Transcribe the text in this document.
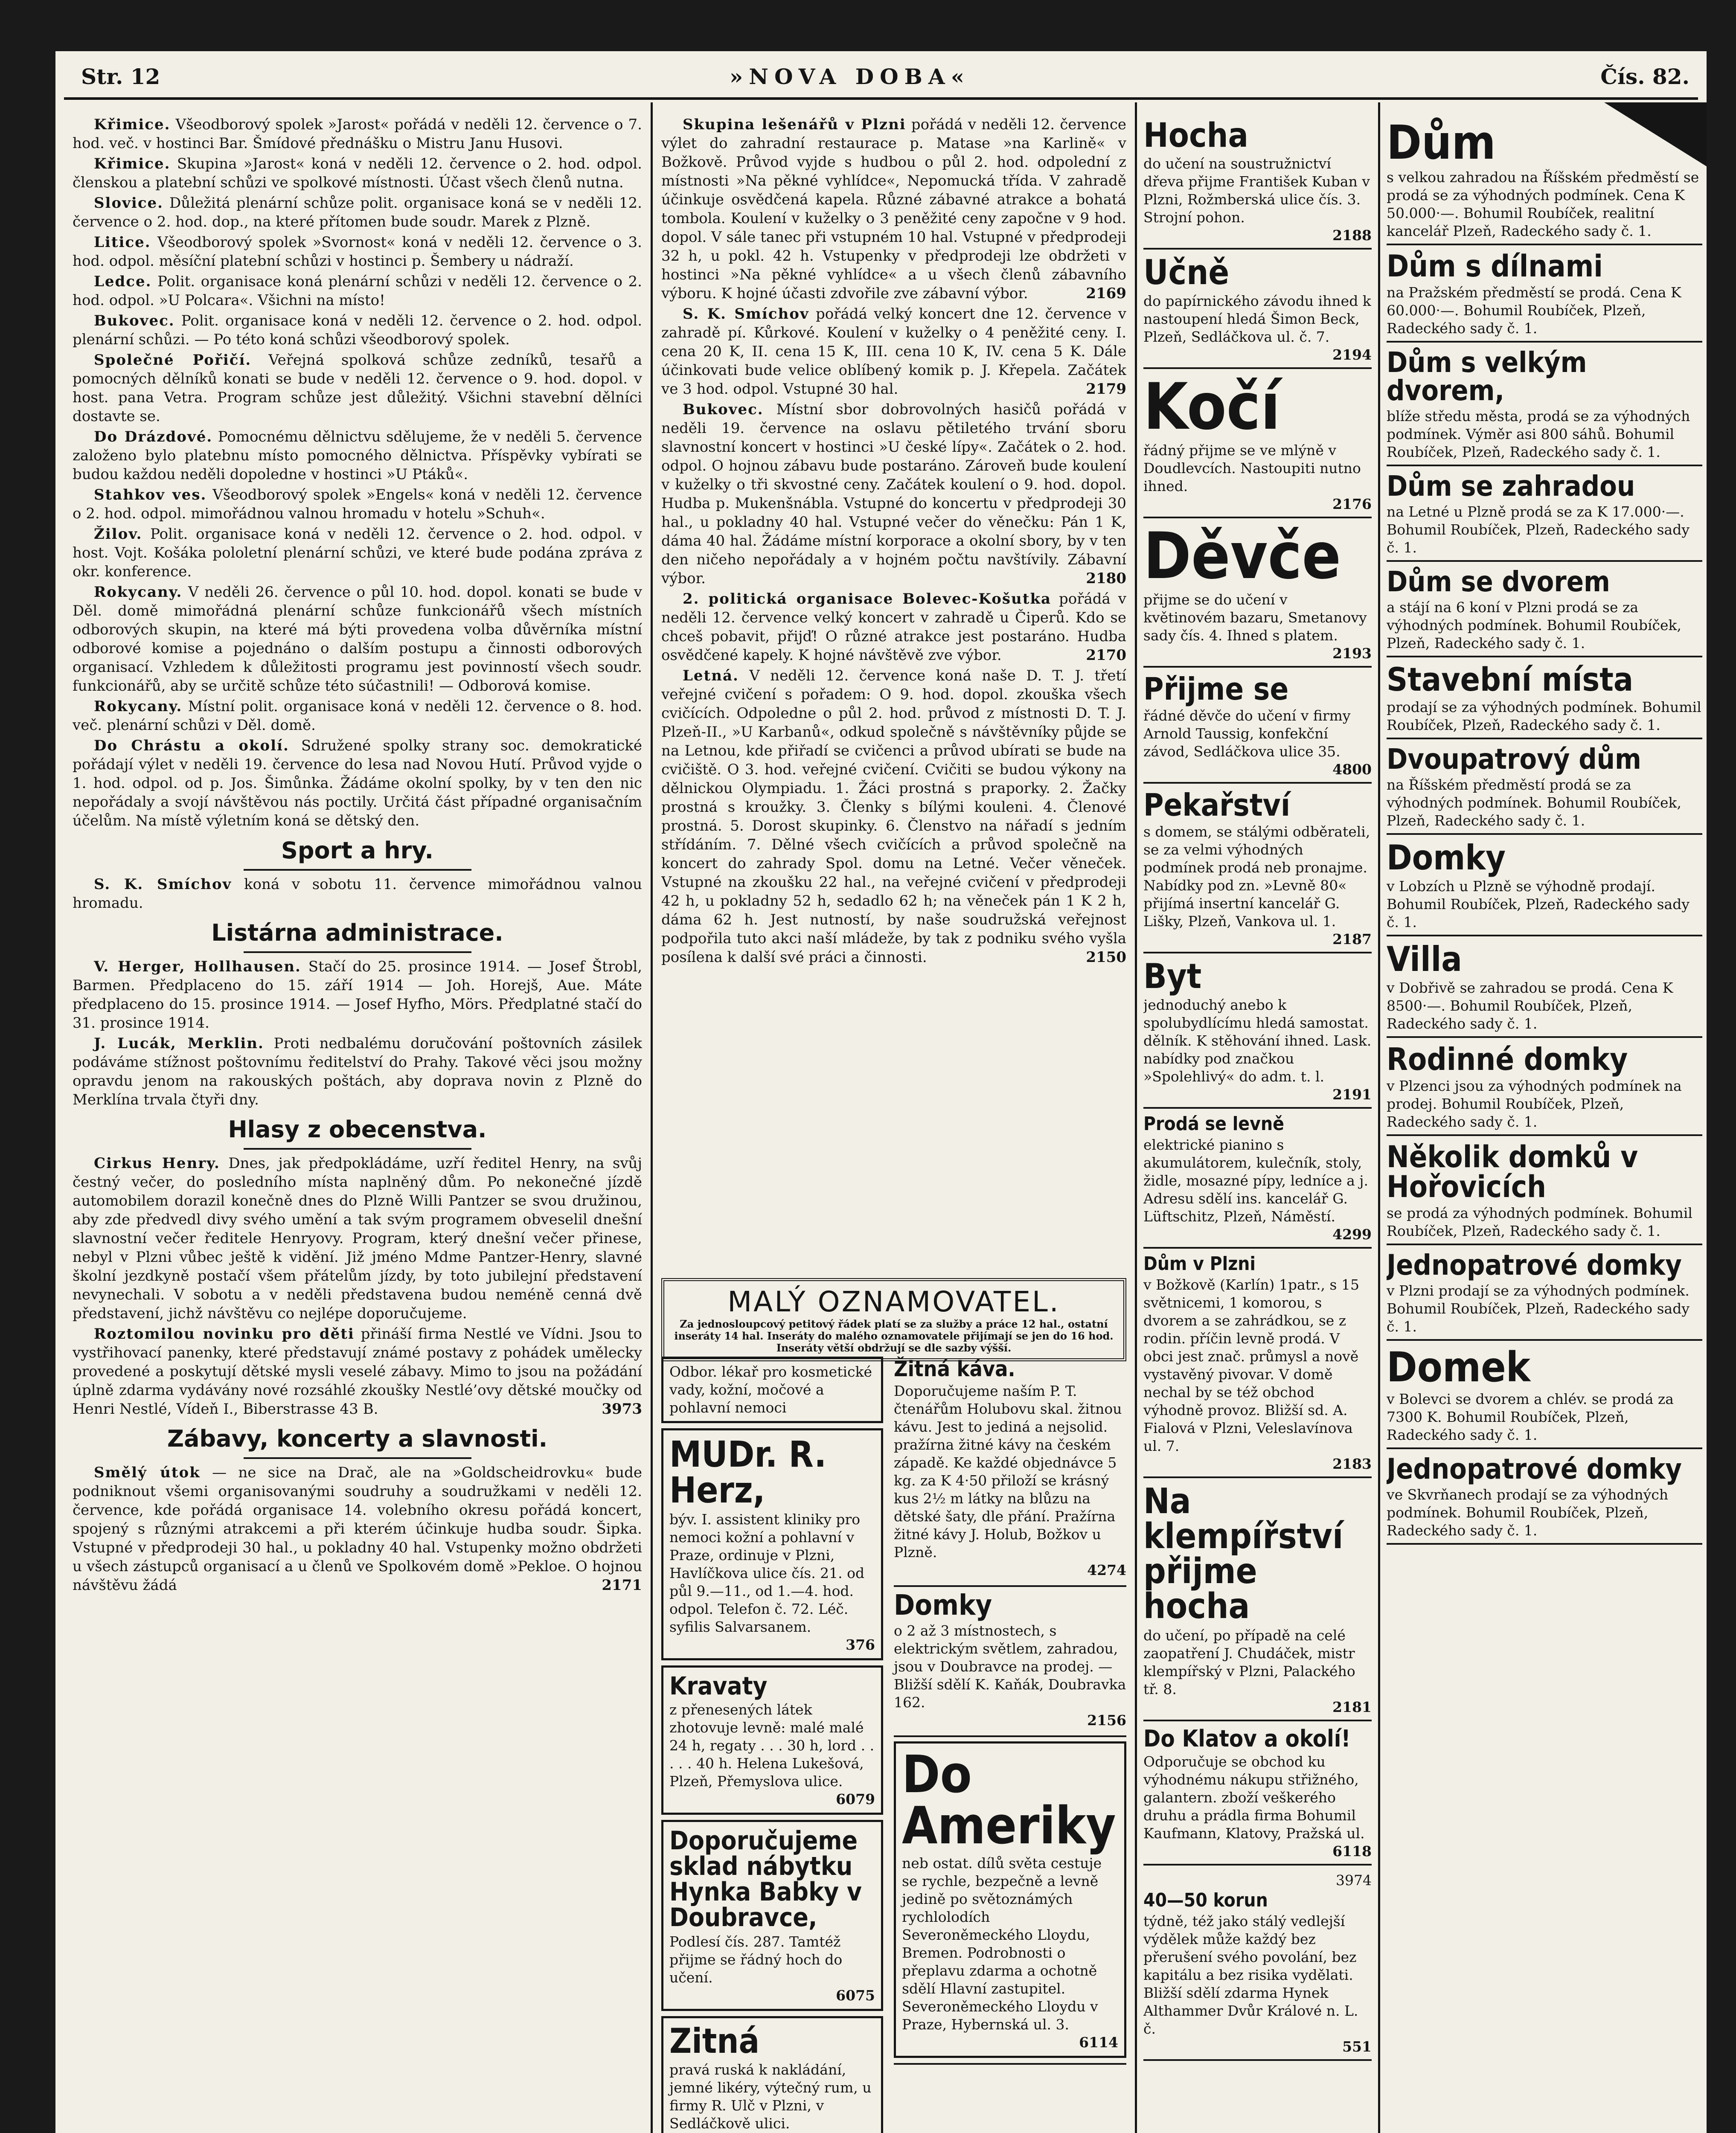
Str. 12	»NOVA DOBA«	Čís. 82.

Křimice. Všeodborový spolek »Jarost« pořádá v neděli 12. července o 7. hod. več. v hostinci Bar. Šmídové přednášku o Mistru Janu Husovi.

Křimice. Skupina »Jarost« koná v neděli 12. července o 2. hod. odpol. členskou a platební schůzi ve spolkové místnosti. Účast všech členů nutna.

Slovice. Důležitá plenární schůze polit. organisace koná se v neděli 12. července o 2. hod. dop., na které přítomen bude soudr. Marek z Plzně.

Litice. Všeodborový spolek »Svornost« koná v neděli 12. července o 3. hod. odpol. měsíční platební schůzi v hostinci p. Šembery u nádraží.

Ledce. Polit. organisace koná plenární schůzi v neděli 12. července o 2. hod. odpol. »U Polcara«. Všichni na místo!

Bukovec. Polit. organisace koná v neděli 12. července o 2. hod. odpol. plenární schůzi. — Po této koná schůzi všeodborový spolek.

Společné Pořičí. Veřejná spolková schůze zedníků, tesařů a pomocných dělníků konati se bude v neděli 12. července o 9. hod. dopol. v host. pana Vetra. Program schůze jest důležitý. Všichni stavební dělníci dostavte se.

Do Drázdové. Pomocnému dělnictvu sdělujeme, že v neděli 5. července založeno bylo platebnu místo pomocného dělnictva. Příspěvky vybírati se budou každou neděli dopoledne v hostinci »U Ptáků«.

Stahkov ves. Všeodborový spolek »Engels« koná v neděli 12. července o 2. hod. odpol. mimořádnou valnou hromadu v hotelu »Schuh«.

Žilov. Polit. organisace koná v neděli 12. července o 2. hod. odpol. v host. Vojt. Košáka pololetní plenární schůzi, ve které bude podána zpráva z okr. konference.

Rokycany. V neděli 26. července o půl 10. hod. dopol. konati se bude v Děl. domě mimořádná plenární schůze funkcionářů všech místních odborových skupin, na které má býti provedena volba důvěrníka místní odborové komise a pojednáno o dalším postupu a činnosti odborových organisací. Vzhledem k důležitosti programu jest povinností všech soudr. funkcionářů, aby se určitě schůze této súčastnili! — Odborová komise.

Rokycany. Místní polit. organisace koná v neděli 12. července o 8. hod. več. plenární schůzi v Děl. domě.

Do Chrástu a okolí. Sdružené spolky strany soc. demokratické pořádají výlet v neděli 19. července do lesa nad Novou Hutí. Průvod vyjde o 1. hod. odpol. od p. Jos. Šimůnka. Žádáme okolní spolky, by v ten den nic nepořádaly a svojí návštěvou nás poctily. Určitá část případné organisačním účelům. Na místě výletním koná se dětský den.

Sport a hry.

S. K. Smíchov koná v sobotu 11. července mimořádnou valnou hromadu.

Listárna administrace.

V. Herger, Hollhausen. Stačí do 25. prosince 1914. — Josef Štrobl, Barmen. Předplaceno do 15. září 1914 — Joh. Horejš, Aue. Máte předplaceno do 15. prosince 1914. — Josef Hyfho, Mörs. Předplatné stačí do 31. prosince 1914.

J. Lucák, Merklin. Proti nedbalému doručování poštovních zásilek podáváme stížnost poštovnímu ředitelství do Prahy. Takové věci jsou možny opravdu jenom na rakouských poštách, aby doprava novin z Plzně do Merklína trvala čtyři dny.

Hlasy z obecenstva.

Cirkus Henry. Dnes, jak předpokládáme, uzří ředitel Henry, na svůj čestný večer, do posledního místa naplněný dům. Po nekonečné jízdě automobilem dorazil konečně dnes do Plzně Willi Pantzer se svou družinou, aby zde předvedl divy svého umění a tak svým programem obveselil dnešní slavnostní večer ředitele Henryovy. Program, který dnešní večer přinese, nebyl v Plzni vůbec ještě k vidění. Již jméno Mdme Pantzer-Henry, slavné školní jezdkyně postačí všem přátelům jízdy, by toto jubilejní představení nevynechali. V sobotu a v neděli představena budou neméně cenná dvě představení, jichž návštěvu co nejlépe doporučujeme.

Roztomilou novinku pro děti přináší firma Nestlé ve Vídni. Jsou to vystřihovací panenky, které představují známé postavy z pohádek umělecky provedené a poskytují dětské mysli veselé zábavy. Mimo to jsou na požádání úplně zdarma vydávány nové rozsáhlé zkoušky Nestlé’ovy dětské moučky od Henri Nestlé, Vídeň I., Biberstrasse 43 B.	3973

Zábavy, koncerty a slavnosti.

Smělý útok — ne sice na Drač, ale na »Goldscheidrovku« bude podniknout všemi organisovanými soudruhy a soudružkami v neděli 12. července, kde pořádá organisace 14. volebního okresu pořádá koncert, spojený s různými atrakcemi a při kterém účinkuje hudba soudr. Šipka. Vstupné v předprodeji 30 hal., u pokladny 40 hal. Vstupenky možno obdržeti u všech zástupců organisací a u členů ve Spolkovém domě »Pekloe. O hojnou návštěvu žádá	2171

Skupina lešenářů v Plzni pořádá v neděli 12. července výlet do zahradní restaurace p. Matase »na Karlině« v Božkově. Průvod vyjde s hudbou o půl 2. hod. odpolední z místnosti »Na pěkné vyhlídce«, Nepomucká třída. V zahradě účinkuje osvědčená kapela. Různé zábavné atrakce a bohatá tombola. Koulení v kuželky o 3 peněžité ceny započne v 9 hod. dopol. V sále tanec při vstupném 10 hal. Vstupné v předprodeji 32 h, u pokl. 42 h. Vstupenky v předprodeji lze obdržeti v hostinci »Na pěkné vyhlídce« a u všech členů zábavního výboru. K hojné účasti zdvořile zve zábavní výbor.	2169

S. K. Smíchov pořádá velký koncert dne 12. července v zahradě pí. Kůrkové. Koulení v kuželky o 4 peněžité ceny. I. cena 20 K, II. cena 15 K, III. cena 10 K, IV. cena 5 K. Dále účinkovati bude velice oblíbený komik p. J. Křepela. Začátek ve 3 hod. odpol. Vstupné 30 hal.	2179

Bukovec. Místní sbor dobrovolných hasičů pořádá v neděli 19. července na oslavu pětiletého trvání sboru slavnostní koncert v hostinci »U české lípy«. Začátek o 2. hod. odpol. O hojnou zábavu bude postaráno. Zároveň bude koulení v kuželky o tři skvostné ceny. Začátek koulení o 9. hod. dopol. Hudba p. Mukenšnábla. Vstupné do koncertu v předprodeji 30 hal., u pokladny 40 hal. Vstupné večer do věnečku: Pán 1 K, dáma 40 hal. Žádáme místní korporace a okolní sbory, by v ten den ničeho nepořádaly a v hojném počtu navštívily. Zábavní výbor.	2180

2. politická organisace Bolevec-Košutka pořádá v neděli 12. července velký koncert v zahradě u Čiperů. Kdo se chceš pobavit, přijď! O různé atrakce jest postaráno. Hudba osvědčené kapely. K hojné návštěvě zve výbor.	2170

Letná. V neděli 12. července koná naše D. T. J. třetí veřejné cvičení s pořadem: O 9. hod. dopol. zkouška všech cvičících. Odpoledne o půl 2. hod. průvod z místnosti D. T. J. Plzeň-II., »U Karbanů«, odkud společně s návštěvníky půjde se na Letnou, kde přiřadí se cvičenci a průvod ubírati se bude na cvičiště. O 3. hod. veřejné cvičení. Cvičiti se budou výkony na dělnickou Olympiadu. 1. Žáci prostná s praporky. 2. Žačky prostná s kroužky. 3. Členky s bílými kouleni. 4. Členové prostná. 5. Dorost skupinky. 6. Členstvo na nářadí s jedním střídáním. 7. Dělné všech cvičících a průvod společně na koncert do zahrady Spol. domu na Letné. Večer věneček. Vstupné na zkoušku 22 hal., na veřejné cvičení v předprodeji 42 h, u pokladny 52 h, sedadlo 62 h; na věneček pán 1 K 2 h, dáma 62 h. Jest nutností, by naše soudružská veřejnost podpořila tuto akci naší mládeže, by tak z podniku svého vyšla posílena k další své práci a činnosti.	2150

MALÝ OZNAMOVATEL.
Za jednosloupcový petitový řádek platí se za služby a práce 12 hal., ostatní inseráty 14 hal. Inseráty do malého oznamovatele přijímají se jen do 16 hod. Inseráty větší obdržují se dle sazby výšší.
Odbor. lékař pro kosmetické vady, kožní, močové a pohlavní nemoci
MUDr. R. Herz,
býv. I. assistent kliniky pro nemoci kožní a pohlavní v Praze, ordinuje v Plzni, Havlíčkova ulice čís. 21. od půl 9.—11., od 1.—4. hod. odpol. Telefon č. 72. Léč. syfilis Salvarsanem.
376
Kravaty
z přenesených látek zhotovuje levně: malé malé 24 h, regaty . . . 30 h, lord . . . . . 40 h. Helena Lukešová, Plzeň, Přemyslova ulice.
6079
Doporučujeme sklad nábytku Hynka Babky v Doubravce,
Podlesí čís. 287. Tamtéž přijme se řádný hoch do učení.
6075
Zitná
pravá ruská k nakládání, jemné likéry, výtečný rum, u firmy R. Ulč v Plzni, v Sedláčkově ulici.
Žitná káva.
Doporučujeme naším P. T. čtenářům Holubovu skal. žitnou kávu. Jest to jediná a nejsolid. pražírna žitné kávy na českém západě. Ke každé objednávce 5 kg. za K 4·50 přiloží se krásný kus 2½ m látky na blůzu na dětské šaty, dle přání. Pražírna žitné kávy J. Holub, Božkov u Plzně.
4274
Domky
o 2 až 3 místnostech, s elektrickým světlem, zahradou, jsou v Doubravce na prodej. — Bližší sdělí K. Kaňák, Doubravka 162.
2156
Do Ameriky
neb ostat. dílů světa cestuje se rychle, bezpečně a levně jedině po světoznámých rychlolodích Severoněmeckého Lloydu, Bremen. Podrobnosti o přeplavu zdarma a ochotně sdělí Hlavní zastupitel. Severoněmeckého Lloydu v Praze, Hybernská ul. 3.
6114
Hocha
do učení na soustružnictví dřeva přijme František Kuban v Plzni, Rožmberská ulice čís. 3. Strojní pohon.
2188
Učně
do papírnického závodu ihned k nastoupení hledá Šimon Beck, Plzeň, Sedláčkova ul. č. 7.
2194
Kočí
řádný přijme se ve mlýně v Doudlevcích. Nastoupiti nutno ihned.
2176
Děvče
přijme se do učení v květinovém bazaru, Smetanovy sady čís. 4. Ihned s platem.
2193
Přijme se
řádné děvče do učení v firmy Arnold Taussig, konfekční závod, Sedláčkova ulice 35.
4800
Pekařství
s domem, se stálými odběrateli, se za velmi výhodných podmínek prodá neb pronajme. Nabídky pod zn. »Levně 80« přijímá insertní kancelář G. Lišky, Plzeň, Vankova ul. 1.
2187
Byt
jednoduchý anebo k spolubydlícímu hledá samostat. dělník. K stěhování ihned. Lask. nabídky pod značkou »Spolehlivý« do adm. t. l.
2191
Prodá se levně
elektrické pianino s akumulátorem, kulečník, stoly, židle, mosazné pípy, ledníce a j. Adresu sdělí ins. kancelář G. Lüftschitz, Plzeň, Náměstí.
4299
Dům v Plzni
v Božkově (Karlín) 1patr., s 15 světnicemi, 1 komorou, s dvorem a se zahrádkou, se z rodin. příčin levně prodá. V obci jest znač. průmysl a nově vystavěný pivovar. V domě nechal by se též obchod výhodně provoz. Bližší sd. A. Fialová v Plzni, Veleslavínova ul. 7.
2183
Na klempířství přijme hocha
do učení, po případě na celé zaopatření J. Chudáček, mistr klempířský v Plzni, Palackého tř. 8.
2181
Do Klatov a okolí!
Odporučuje se obchod ku výhodnému nákupu střižného, galantern. zboží veškerého druhu a prádla firma Bohumil Kaufmann, Klatovy, Pražská ul.
6118
3974
40—50 korun
týdně, též jako stálý vedlejší výdělek může každý bez přerušení svého povolání, bez kapitálu a bez risika vydělati. Bližší sdělí zdarma Hynek Althammer Dvůr Králové n. L. č.
551
Dům
s velkou zahradou na Říšském předměstí se prodá se za výhodných podmínek. Cena K 50.000·—. Bohumil Roubíček, realitní kancelář Plzeň, Radeckého sady č. 1.
Dům s dílnami
na Pražském předměstí se prodá. Cena K 60.000·—. Bohumil Roubíček, Plzeň, Radeckého sady č. 1.
Dům s velkým dvorem,
blíže středu města, prodá se za výhodných podmínek. Výměr asi 800 sáhů. Bohumil Roubíček, Plzeň, Radeckého sady č. 1.
Dům se zahradou
na Letné u Plzně prodá se za K 17.000·—. Bohumil Roubíček, Plzeň, Radeckého sady č. 1.
Dům se dvorem
a stájí na 6 koní v Plzni prodá se za výhodných podmínek. Bohumil Roubíček, Plzeň, Radeckého sady č. 1.
Stavební místa
prodají se za výhodných podmínek. Bohumil Roubíček, Plzeň, Radeckého sady č. 1.
Dvoupatrový dům
na Říšském předměstí prodá se za výhodných podmínek. Bohumil Roubíček, Plzeň, Radeckého sady č. 1.
Domky
v Lobzích u Plzně se výhodně prodají. Bohumil Roubíček, Plzeň, Radeckého sady č. 1.
Villa
v Dobřivě se zahradou se prodá. Cena K 8500·—. Bohumil Roubíček, Plzeň, Radeckého sady č. 1.
Rodinné domky
v Plzenci jsou za výhodných podmínek na prodej. Bohumil Roubíček, Plzeň, Radeckého sady č. 1.
Několik domků v Hořovicích
se prodá za výhodných podmínek. Bohumil Roubíček, Plzeň, Radeckého sady č. 1.
Jednopatrové domky
v Plzni prodají se za výhodných podmínek. Bohumil Roubíček, Plzeň, Radeckého sady č. 1.
Domek
v Bolevci se dvorem a chlév. se prodá za 7300 K. Bohumil Roubíček, Plzeň, Radeckého sady č. 1.
Jednopatrové domky
ve Skvrňanech prodají se za výhodných podmínek. Bohumil Roubíček, Plzeň, Radeckého sady č. 1.
